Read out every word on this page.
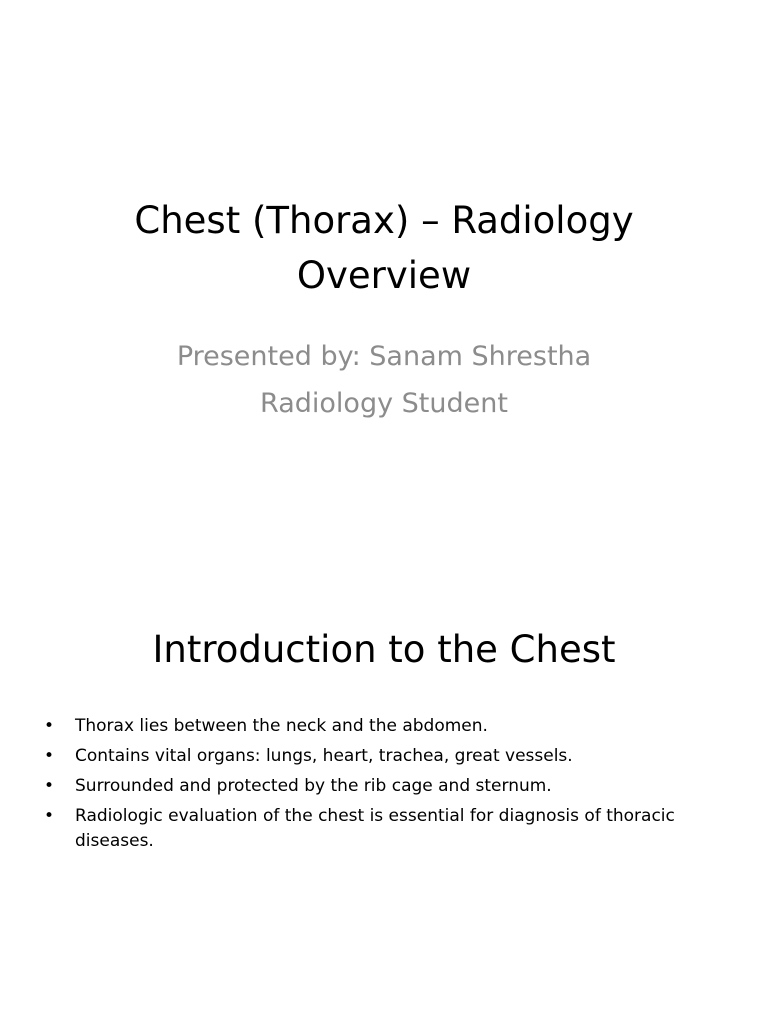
Chest (Thorax) – Radiology
Overview
Presented by: Sanam Shrestha
Radiology Student
Introduction to the Chest
• Thorax lies between the neck and the abdomen.
• Contains vital organs: lungs, heart, trachea, great vessels.
• Surrounded and protected by the rib cage and sternum.
• Radiologic evaluation of the chest is essential for diagnosis of thoracic diseases.
